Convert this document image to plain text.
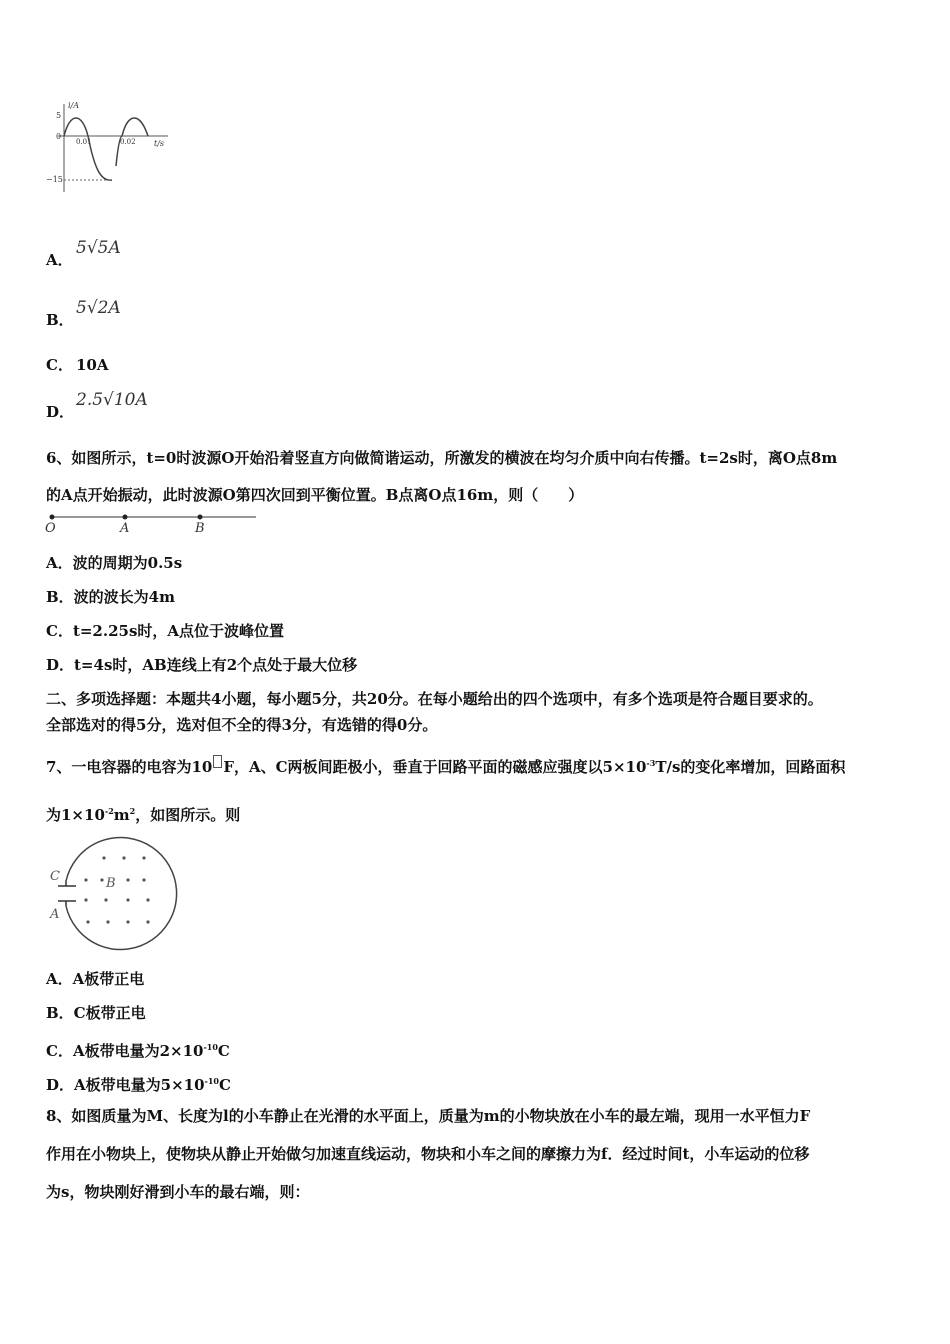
i/A
t/s
5
0
−15
0.01	0.02
A．
5√5A
B．
5√2A
C． 10A
D．
2.5√10A
6、如图所示，t=0时波源O开始沿着竖直方向做简谐运动，所激发的横波在均匀介质中向右传播。t=2s时，离O点8m
的A点开始振动，此时波源O第四次回到平衡位置。B点离O点16m，则（　　）
O	A	B
A．波的周期为0.5s
B．波的波长为4m
C．t=2.25s时，A点位于波峰位置
D．t=4s时，AB连线上有2个点处于最大位移
二、多项选择题：本题共4小题，每小题5分，共20分。在每小题给出的四个选项中，有多个选项是符合题目要求的。
全部选对的得5分，选对但不全的得3分，有选错的得0分。
7、一电容器的电容为10 F，A、C两板间距极小，垂直于回路平面的磁感应强度以$5\times 10^{-3}T/s$的变化率增加，回路面积
为$1\times 10^{-2}m^2$，如图所示。则
C
A
B
A．A板带正电
B．C板带正电
C．A板带电量为$2\times 10^{-10}C$
D．A板带电量为$5\times 10^{-10}C$
8、如图质量为M、长度为l的小车静止在光滑的水平面上，质量为m的小物块放在小车的最左端，现用一水平恒力F
作用在小物块上，使物块从静止开始做匀加速直线运动，物块和小车之间的摩擦力为f．经过时间t，小车运动的位移
为s，物块刚好滑到小车的最右端，则：
